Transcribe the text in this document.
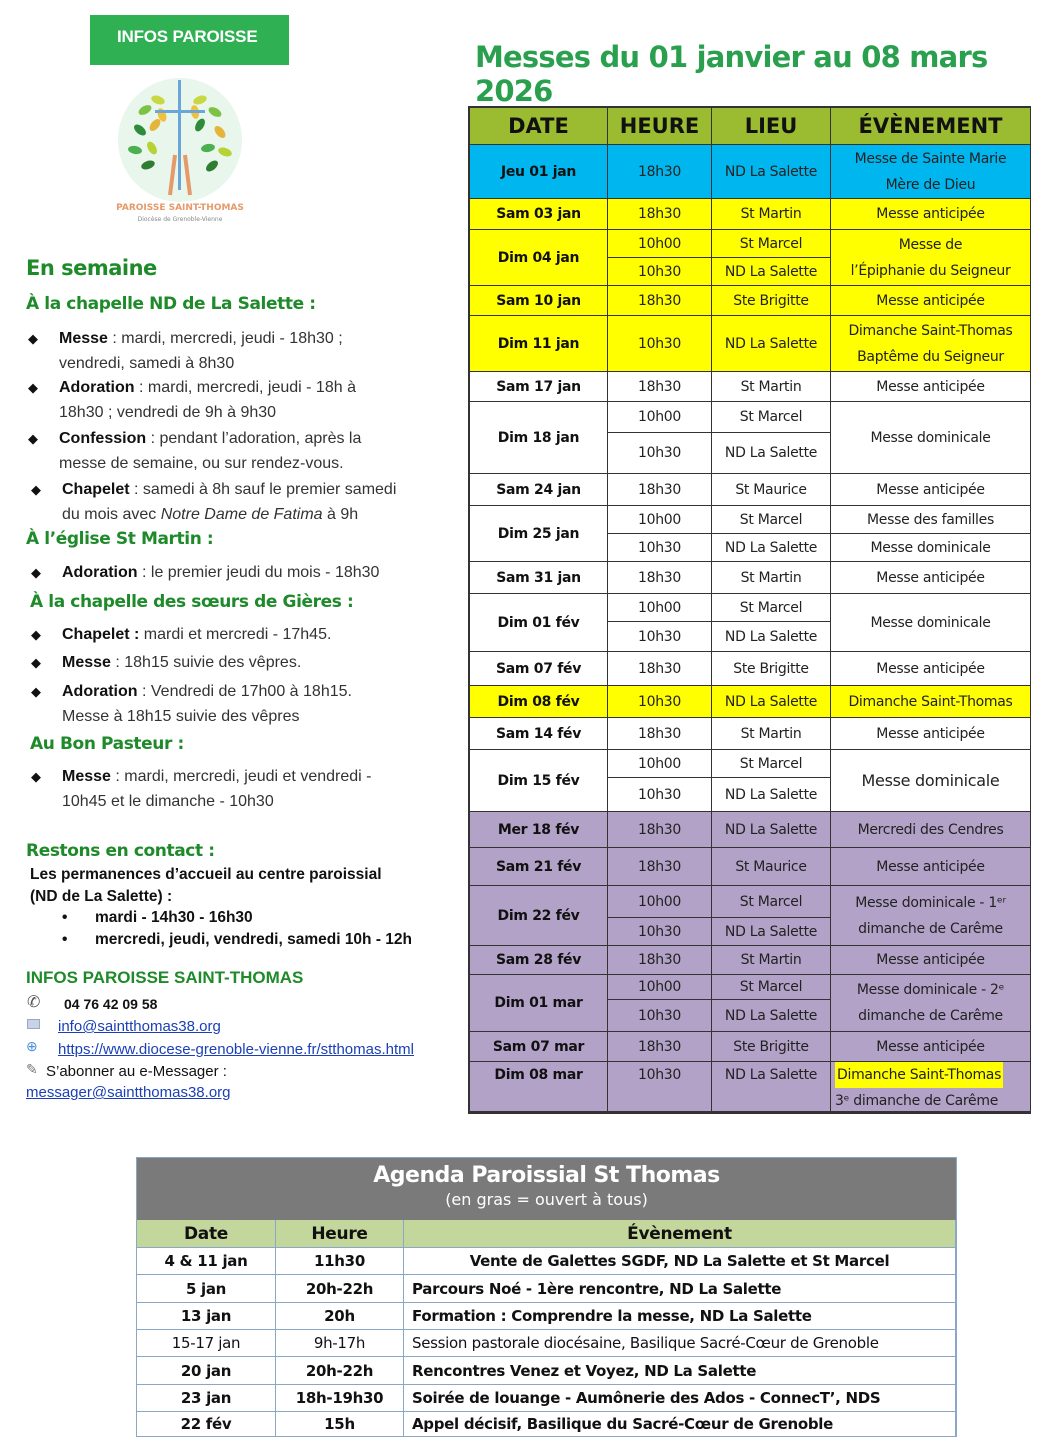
INFOS PAROISSE
PAROISSE SAINT-THOMAS
Diocèse de Grenoble-Vienne
Messes du 01 janvier au 08 mars 2026
En semaine
À la chapelle ND de La Salette :
◆ Messe : mardi, mercredi, jeudi - 18h30 ;
vendredi, samedi à 8h30
◆ Adoration : mardi, mercredi, jeudi - 18h à
18h30 ; vendredi de 9h à 9h30
◆ Confession : pendant l’adoration, après la
messe de semaine, ou sur rendez-vous.
◆ Chapelet : samedi à 8h sauf le premier samedi
du mois avec Notre Dame de Fatima à 9h
À l’église St Martin :
◆ Adoration : le premier jeudi du mois - 18h30
À la chapelle des sœurs de Gières :
◆ Chapelet : mardi et mercredi - 17h45.
◆ Messe : 18h15 suivie des vêpres.
◆ Adoration : Vendredi de 17h00 à 18h15.
Messe à 18h15 suivie des vêpres
Au Bon Pasteur :
◆ Messe : mardi, mercredi, jeudi et vendredi -
10h45 et le dimanche - 10h30
Restons en contact :
Les permanences d’accueil au centre paroissial
(ND de La Salette) :
• mardi - 14h30 - 16h30
• mercredi, jeudi, vendredi, samedi 10h - 12h
INFOS PAROISSE SAINT-THOMAS
✆ 04 76 42 09 58
info@saintthomas38.org
⊕ https://www.diocese-grenoble-vienne.fr/stthomas.html
✎ S’abonner au e-Messager :
messager@saintthomas38.org
DATE	HEURE	LIEU	ÉVÈNEMENT
Jeu 01 jan	18h30	ND La Salette
Messe de Sainte Marie
Mère de Dieu
Sam 03 jan	18h30	St Martin	Messe anticipée
Dim 04 jan
10h00	St Marcel
10h30	ND La Salette
Messe de
l’Épiphanie du Seigneur
Sam 10 jan	18h30	Ste Brigitte	Messe anticipée
Dim 11 jan	10h30	ND La Salette
Dimanche Saint-Thomas
Baptême du Seigneur
Sam 17 jan	18h30	St Martin	Messe anticipée
Dim 18 jan
10h00	St Marcel
10h30	ND La Salette
Messe dominicale
Sam 24 jan	18h30	St Maurice	Messe anticipée
Dim 25 jan
10h00	St Marcel	Messe des familles
10h30	ND La Salette	Messe dominicale
Sam 31 jan	18h30	St Martin	Messe anticipée
Dim 01 fév
10h00	St Marcel
10h30	ND La Salette
Messe dominicale
Sam 07 fév	18h30	Ste Brigitte	Messe anticipée
Dim 08 fév	10h30	ND La Salette	Dimanche Saint-Thomas
Sam 14 fév	18h30	St Martin	Messe anticipée
Dim 15 fév
10h00	St Marcel
10h30	ND La Salette
Messe dominicale
Mer 18 fév	18h30	ND La Salette	Mercredi des Cendres
Sam 21 fév	18h30	St Maurice	Messe anticipée
Dim 22 fév
10h00	St Marcel
10h30	ND La Salette
Messe dominicale - 1ᵉʳ
dimanche de Carême
Sam 28 fév	18h30	St Martin	Messe anticipée
Dim 01 mar
10h00	St Marcel
10h30	ND La Salette
Messe dominicale - 2ᵉ
dimanche de Carême
Sam 07 mar	18h30	Ste Brigitte	Messe anticipée
Dim 08 mar	10h30	ND La Salette	Dimanche Saint-Thomas
3ᵉ dimanche de Carême
Agenda Paroissial St Thomas
(en gras = ouvert à tous)
Date	Heure	Évènement
4 & 11 jan	11h30	Vente de Galettes SGDF, ND La Salette et St Marcel
5 jan	20h-22h	Parcours Noé - 1ère rencontre, ND La Salette
13 jan	20h	Formation : Comprendre la messe, ND La Salette
15-17 jan	9h-17h	Session pastorale diocésaine, Basilique Sacré-Cœur de Grenoble
20 jan	20h-22h	Rencontres Venez et Voyez, ND La Salette
23 jan	18h-19h30	Soirée de louange - Aumônerie des Ados - ConnecT’, NDS
22 fév	15h	Appel décisif, Basilique du Sacré-Cœur de Grenoble
